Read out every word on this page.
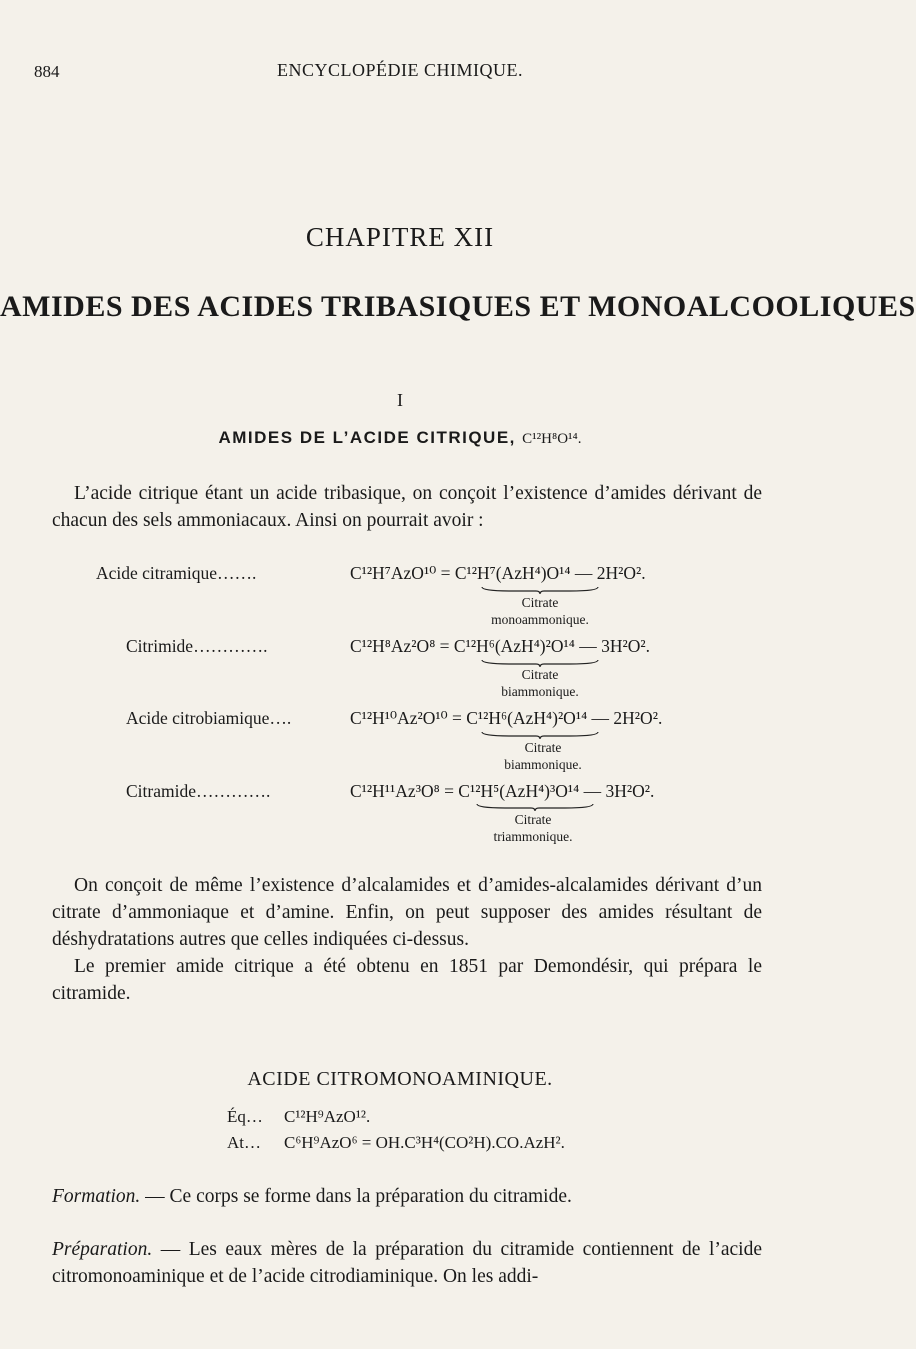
884	ENCYCLOPÉDIE CHIMIQUE.
CHAPITRE XII
AMIDES DES ACIDES TRIBASIQUES ET MONOALCOOLIQUES
I
AMIDES DE L’ACIDE CITRIQUE, C¹²H⁸O¹⁴.
L’acide citrique étant un acide tribasique, on conçoit l’existence d’amides dérivant de chacun des sels ammoniacaux. Ainsi on pourrait avoir :
Acide citramique…….	C¹²H⁷AzO¹⁰ = C¹²H⁷(AzH⁴)O¹⁴ — 2H²O².
Citrate
monoammonique.
Citrimide………….	C¹²H⁸Az²O⁸ = C¹²H⁶(AzH⁴)²O¹⁴ — 3H²O².
Citrate
biammonique.
Acide citrobiamique….	C¹²H¹⁰Az²O¹⁰ = C¹²H⁶(AzH⁴)²O¹⁴ — 2H²O².
Citrate
biammonique.
Citramide………….	C¹²H¹¹Az³O⁸ = C¹²H⁵(AzH⁴)³O¹⁴ — 3H²O².
Citrate
triammonique.
On conçoit de même l’existence d’alcalamides et d’amides-alcalamides dérivant d’un citrate d’ammoniaque et d’amine. Enfin, on peut supposer des amides résultant de déshydratations autres que celles indiquées ci-dessus.
Le premier amide citrique a été obtenu en 1851 par Demondésir, qui prépara le citramide.
ACIDE CITROMONOAMINIQUE.
Éq… C¹²H⁹AzO¹².
At… C⁶H⁹AzO⁶ = OH.C³H⁴(CO²H).CO.AzH².
Formation. — Ce corps se forme dans la préparation du citramide.
Préparation. — Les eaux mères de la préparation du citramide contiennent de l’acide citromonoaminique et de l’acide citrodiaminique. On les addi-
